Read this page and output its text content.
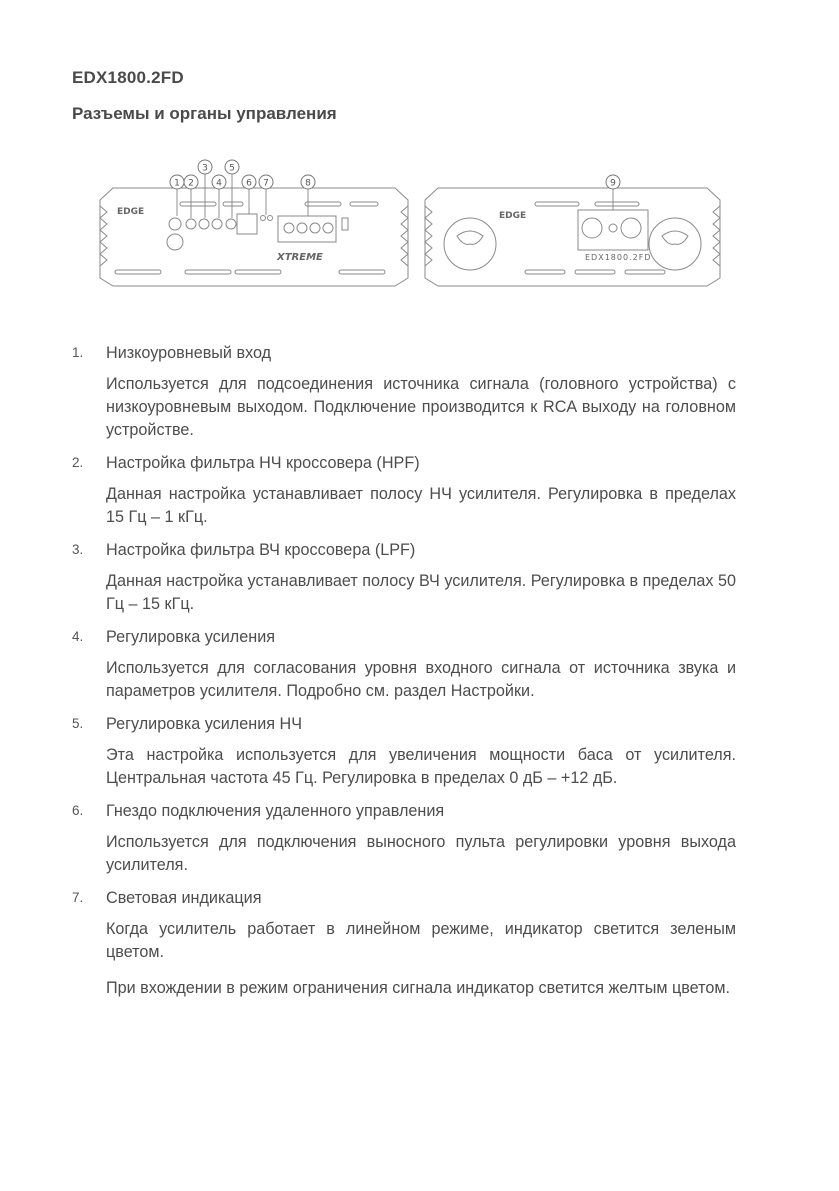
EDX1800.2FD
Разъемы и органы управления
1 2
3
4
5
6 7	8	9
EDGE
XTREME
EDGE
EDX1800.2FD
1.	Низкоуровневый вход

Используется для подсоединения источника сигнала (головного устройства) с низкоуровневым выходом. Подключение производится к RCA выходу на головном устройстве.

2.	Настройка фильтра НЧ кроссовера (HPF)

Данная настройка устанавливает полосу НЧ усилителя. Регулировка в пределах 15 Гц – 1 кГц.

3.	Настройка фильтра ВЧ кроссовера (LPF)

Данная настройка устанавливает полосу ВЧ усилителя. Регулировка в пределах 50 Гц – 15 кГц.

4.	Регулировка усиления

Используется для согласования уровня входного сигнала от источника звука и параметров усилителя. Подробно см. раздел Настройки.

5.	Регулировка усиления НЧ

Эта настройка используется для увеличения мощности баса от усилителя. Центральная частота 45 Гц. Регулировка в пределах 0 дБ – +12 дБ.

6.	Гнездо подключения удаленного управления

Используется для подключения выносного пульта регулировки уровня выхода усилителя.

7.	Световая индикация

Когда усилитель работает в линейном режиме, индикатор светится зеленым цветом.

При вхождении в режим ограничения сигнала индикатор светится желтым цветом.
